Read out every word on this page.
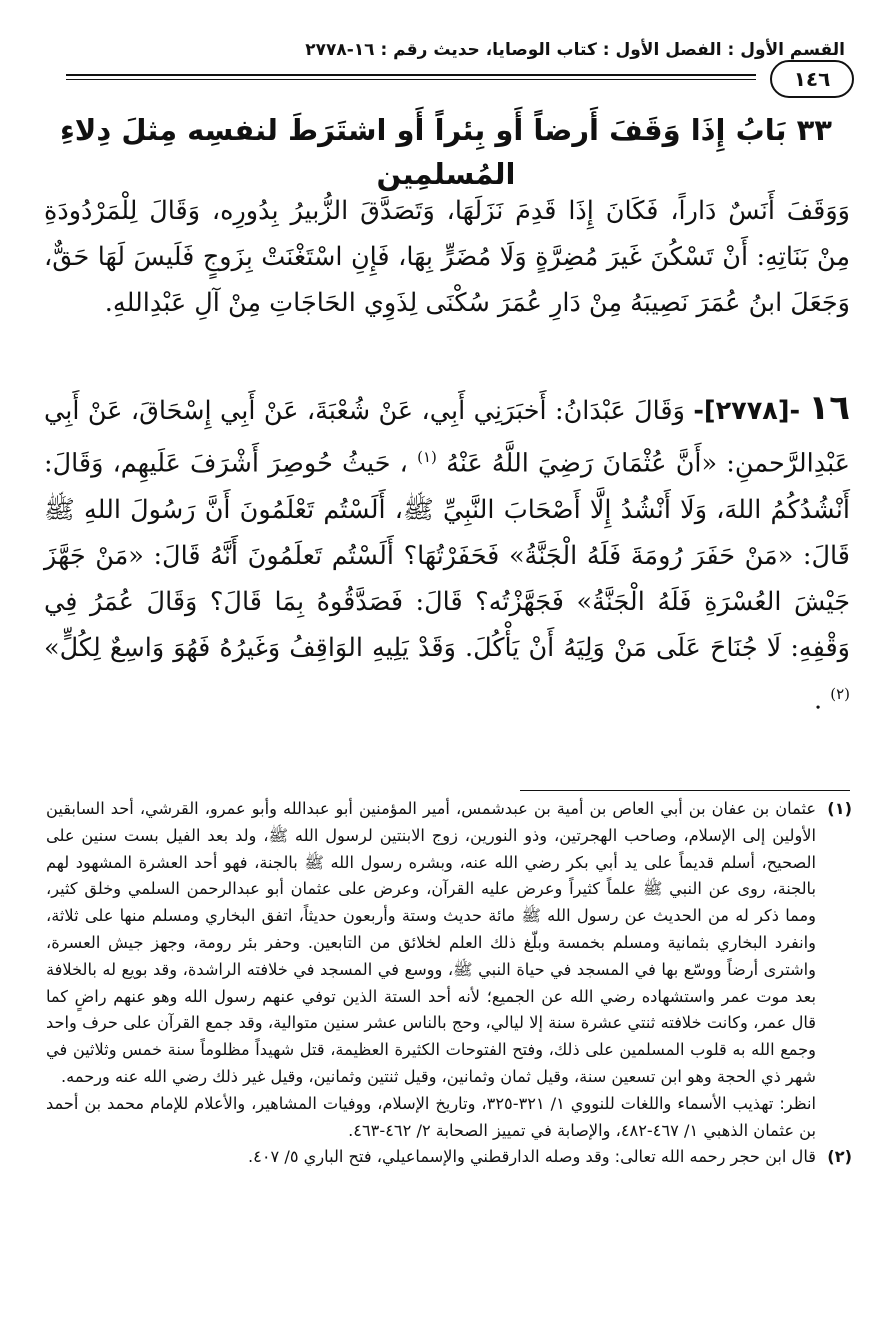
القسم الأول : الفصل الأول : كتاب الوصايا، حديث رقم : ١٦-٢٧٧٨
١٤٦
٣٣ بَابُ إِذَا وَقَفَ أَرضاً أَو بِئراً أَو اشتَرَطَ لنفسِه مِثلَ دِلاءِ المُسلمِين
وَوَقَفَ أَنَسٌ دَاراً، فَكَانَ إِذَا قَدِمَ نَزَلَهَا، وَتَصَدَّقَ الزُّبيرُ بِدُورِه، وَقَالَ لِلْمَرْدُودَةِ مِنْ بَنَاتِهِ: أَنْ تَسْكُنَ غَيرَ مُضِرَّةٍ وَلَا مُضَرٍّ بِهَا، فَإِنِ اسْتَغْنَتْ بِزَوجٍ فَلَيسَ لَهَا حَقٌّ، وَجَعَلَ ابنُ عُمَرَ نَصِيبَهُ مِنْ دَارِ عُمَرَ سُكْنَى لِذَوِي الحَاجَاتِ مِنْ آلِ عَبْدِاللهِ.
١٦ -[٢٧٧٨]- وَقَالَ عَبْدَانُ: أَخبَرَنِي أَبِي، عَنْ شُعْبَةَ، عَنْ أَبِي إِسْحَاقَ، عَنْ أَبِي عَبْدِالرَّحمنِ: «أَنَّ عُثْمَانَ رَضِيَ اللَّهُ عَنْهُ $^{(١)}$ ، حَيثُ حُوصِرَ أَشْرَفَ عَلَيهِم، وَقَالَ: أَنْشُدُكُمُ اللهَ، وَلَا أَنْشُدُ إِلَّا أَصْحَابَ النَّبِيِّ ﷺ، أَلَسْتُم تَعْلَمُونَ أَنَّ رَسُولَ اللهِ ﷺ قَالَ: «مَنْ حَفَرَ رُومَةَ فَلَهُ الْجَنَّةُ» فَحَفَرْتُهَا؟ أَلَسْتُم تَعلَمُونَ أَنَّهُ قَالَ: «مَنْ جَهَّزَ جَيْشَ العُسْرَةِ فَلَهُ الْجَنَّةُ» فَجَهَّزْتُه؟ قَالَ: فَصَدَّقُوهُ بِمَا قَالَ؟ وَقَالَ عُمَرُ فِي وَقْفِهِ: لَا جُنَاحَ عَلَى مَنْ وَلِيَهُ أَنْ يَأْكُلَ. وَقَدْ يَلِيهِ الوَاقِفُ وَغَيرُهُ فَهُوَ وَاسِعٌ لِكُلٍّ» $^{(٢)}$ .
(١)
عثمان بن عفان بن أبي العاص بن أمية بن عبدشمس، أمير المؤمنين أبو عبدالله وأبو عمرو، القرشي، أحد السابقين الأولين إلى الإسلام، وصاحب الهجرتين، وذو النورين، زوج الابنتين لرسول الله ﷺ، ولد بعد الفيل بست سنين على الصحيح، أسلم قديماً على يد أبي بكر رضي الله عنه، وبشره رسول الله ﷺ بالجنة، فهو أحد العشرة المشهود لهم بالجنة، روى عن النبي ﷺ علماً كثيراً وعرض عليه القرآن، وعرض على عثمان أبو عبدالرحمن السلمي وخلق كثير، ومما ذكر له من الحديث عن رسول الله ﷺ مائة حديث وستة وأربعون حديثاً، اتفق البخاري ومسلم منها على ثلاثة، وانفرد البخاري بثمانية ومسلم بخمسة وبلّغ ذلك العلم لخلائق من التابعين. وحفر بئر رومة، وجهز جيش العسرة، واشترى أرضاً ووسّع بها في المسجد في حياة النبي ﷺ، ووسع في المسجد في خلافته الراشدة، وقد بويع له بالخلافة بعد موت عمر واستشهاده رضي الله عن الجميع؛ لأنه أحد الستة الذين توفي عنهم رسول الله وهو عنهم راضٍ كما قال عمر، وكانت خلافته ثنتي عشرة سنة إلا ليالي، وحج بالناس عشر سنين متوالية، وقد جمع القرآن على حرف واحد وجمع الله به قلوب المسلمين على ذلك، وفتح الفتوحات الكثيرة العظيمة، قتل شهيداً مظلوماً سنة خمس وثلاثين في شهر ذي الحجة وهو ابن تسعين سنة، وقيل ثمان وثمانين، وقيل ثنتين وثمانين، وقيل غير ذلك رضي الله عنه ورحمه.
انظر: تهذيب الأسماء واللغات للنووي ١/ ٣٢١-٣٢٥، وتاريخ الإسلام، ووفيات المشاهير، والأعلام للإمام محمد بن أحمد بن عثمان الذهبي ١/ ٤٦٧-٤٨٢، والإصابة في تمييز الصحابة ٢/ ٤٦٢-٤٦٣.
(٢)
قال ابن حجر رحمه الله تعالى: وقد وصله الدارقطني والإسماعيلي، فتح الباري ٥/ ٤٠٧.
